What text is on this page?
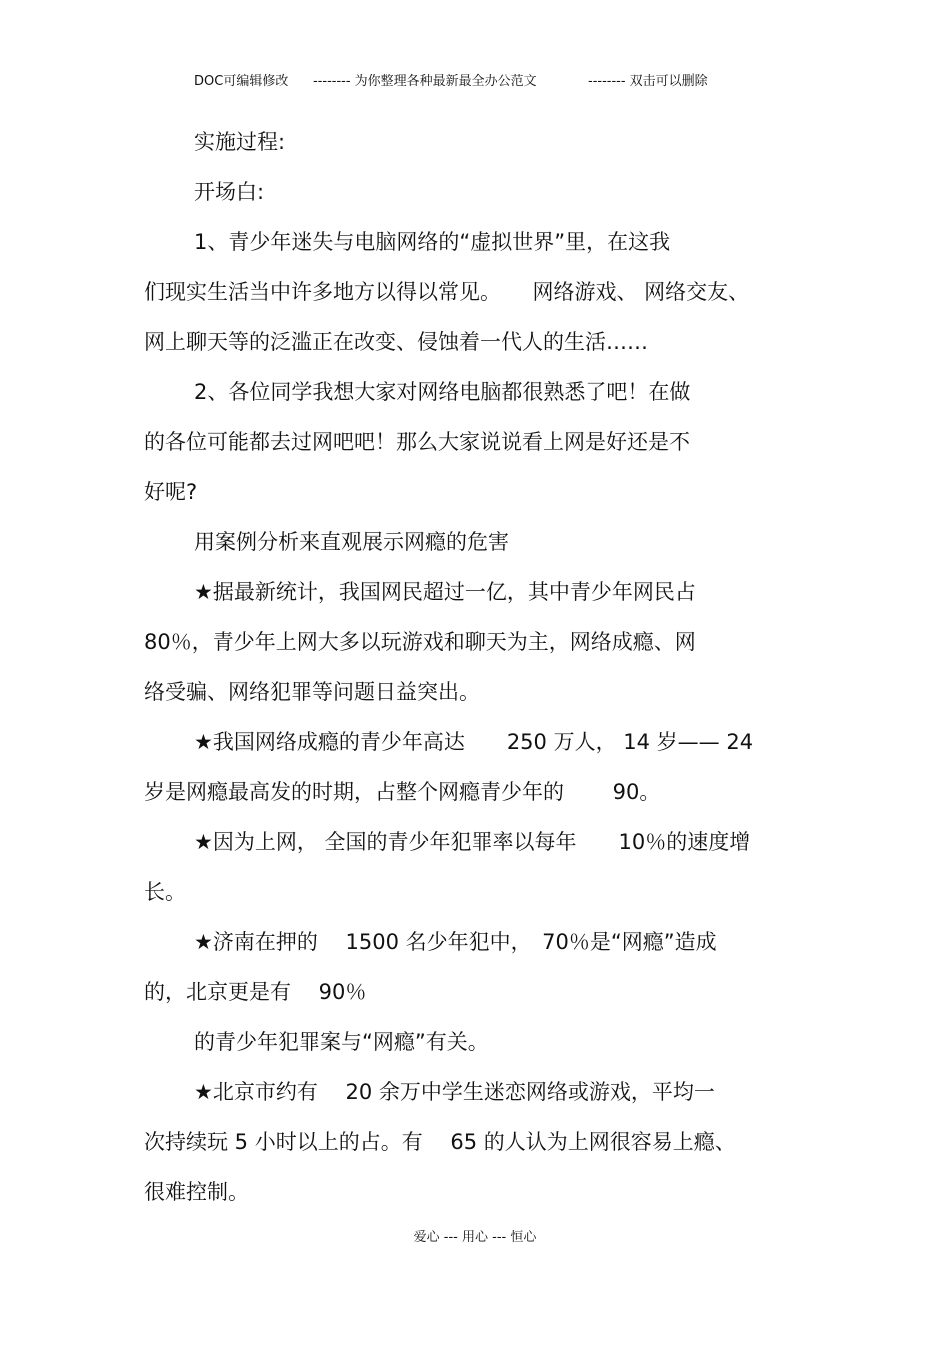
DOC可编辑修改 -------- 为你整理各种最新最全办公范文	-------- 双击可以删除
实施过程:
开场白:
1、青少年迷失与电脑网络的“虚拟世界”里，在这我
们现实生活当中许多地方以得以常见。　　网络游戏、 网络交友、
网上聊天等的泛滥正在改变、侵蚀着一代人的生活……
2、各位同学我想大家对网络电脑都很熟悉了吧！在做
的各位可能都去过网吧吧！那么大家说说看上网是好还是不
好呢?
用案例分析来直观展示网瘾的危害
★据最新统计，我国网民超过一亿，其中青少年网民占
80％，青少年上网大多以玩游戏和聊天为主，网络成瘾、网
络受骗、网络犯罪等问题日益突出。
★我国网络成瘾的青少年高达　　250 万人， 14 岁—— 24
岁是网瘾最高发的时期，占整个网瘾青少年的　　 90。
★因为上网， 全国的青少年犯罪率以每年　　10％的速度增
长。
★济南在押的　 1500 名少年犯中，　70％是“网瘾”造成
的，北京更是有　 90％
的青少年犯罪案与“网瘾”有关。
★北京市约有　 20 余万中学生迷恋网络或游戏，平均一
次持续玩 5 小时以上的占。有　 65 的人认为上网很容易上瘾、
很难控制。
爱心 --- 用心 --- 恒心
